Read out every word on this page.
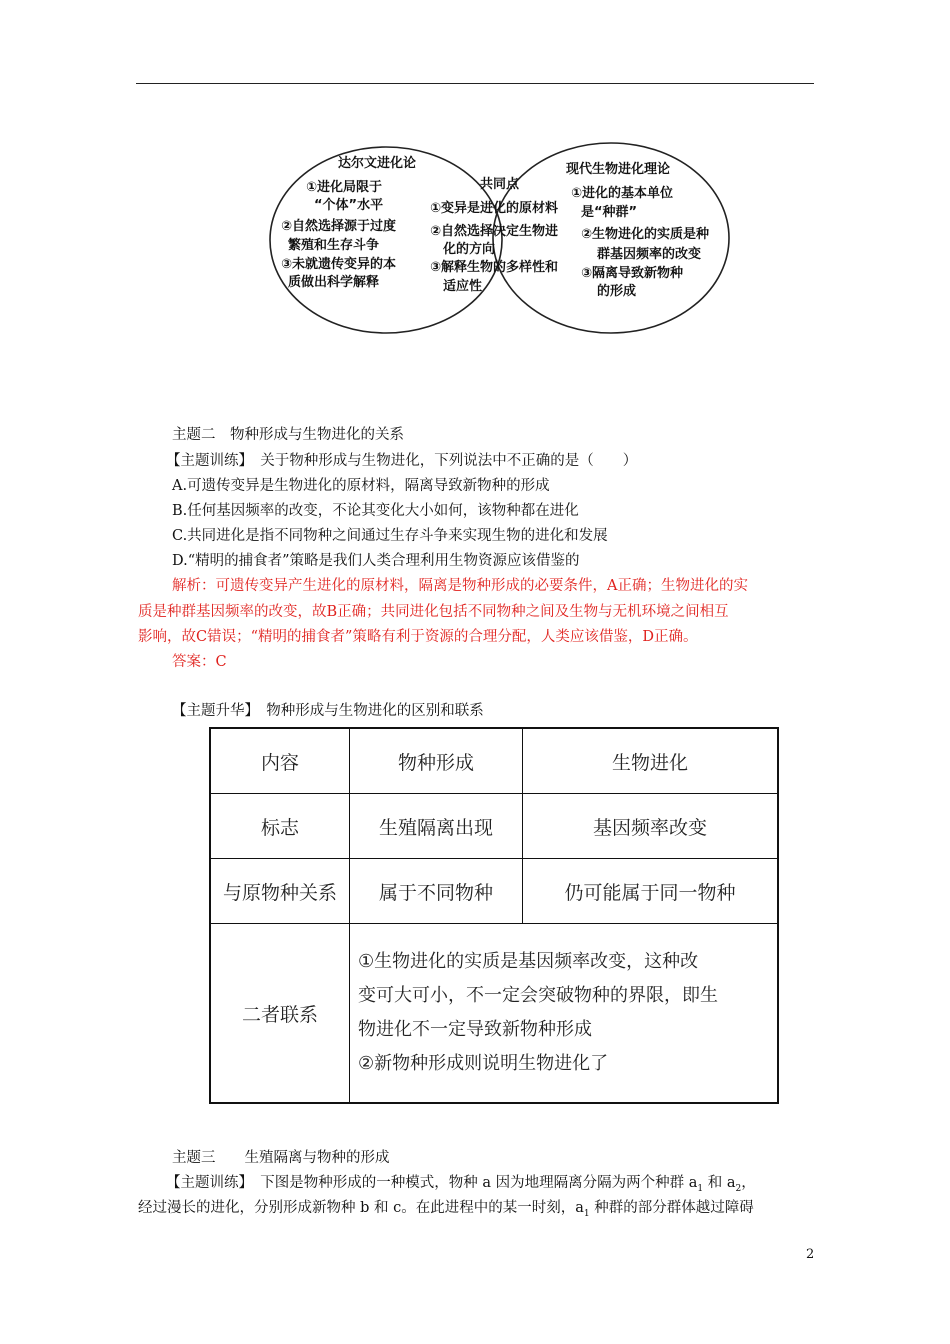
达尔文进化论
①进化局限于
“个体”水平
②自然选择源于过度
繁殖和生存斗争
③未就遗传变异的本
质做出科学解释
共同点
①变异是进化的原材料
②自然选择决定生物进
化的方向
③解释生物的多样性和
适应性
现代生物进化理论
①进化的基本单位
是“种群”
②生物进化的实质是种
群基因频率的改变
③隔离导致新物种
的形成
主题二　物种形成与生物进化的关系
【主题训练】　关于物种形成与生物进化，下列说法中不正确的是（　　）
A.可遗传变异是生物进化的原材料，隔离导致新物种的形成
B.任何基因频率的改变，不论其变化大小如何，该物种都在进化
C.共同进化是指不同物种之间通过生存斗争来实现生物的进化和发展
D.“精明的捕食者”策略是我们人类合理利用生物资源应该借鉴的
解析：可遗传变异产生进化的原材料，隔离是物种形成的必要条件，A正确；生物进化的实
质是种群基因频率的改变，故B正确；共同进化包括不同物种之间及生物与无机环境之间相互
影响，故C错误；“精明的捕食者”策略有利于资源的合理分配，人类应该借鉴，D正确。
答案：C
【主题升华】　物种形成与生物进化的区别和联系
内容	物种形成	生物进化
标志	生殖隔离出现	基因频率改变
与原物种关系	属于不同物种	仍可能属于同一物种
二者联系	①生物进化的实质是基因频率改变，这种改
变可大可小，不一定会突破物种的界限，即生
物进化不一定导致新物种形成
②新物种形成则说明生物进化了	
主题三　　生殖隔离与物种的形成
【主题训练】　下图是物种形成的一种模式，物种 a 因为地理隔离分隔为两个种群 $a_1$ 和 $a_2$，
经过漫长的进化，分别形成新物种 b 和 c。在此进程中的某一时刻，$a_1$ 种群的部分群体越过障碍
2
